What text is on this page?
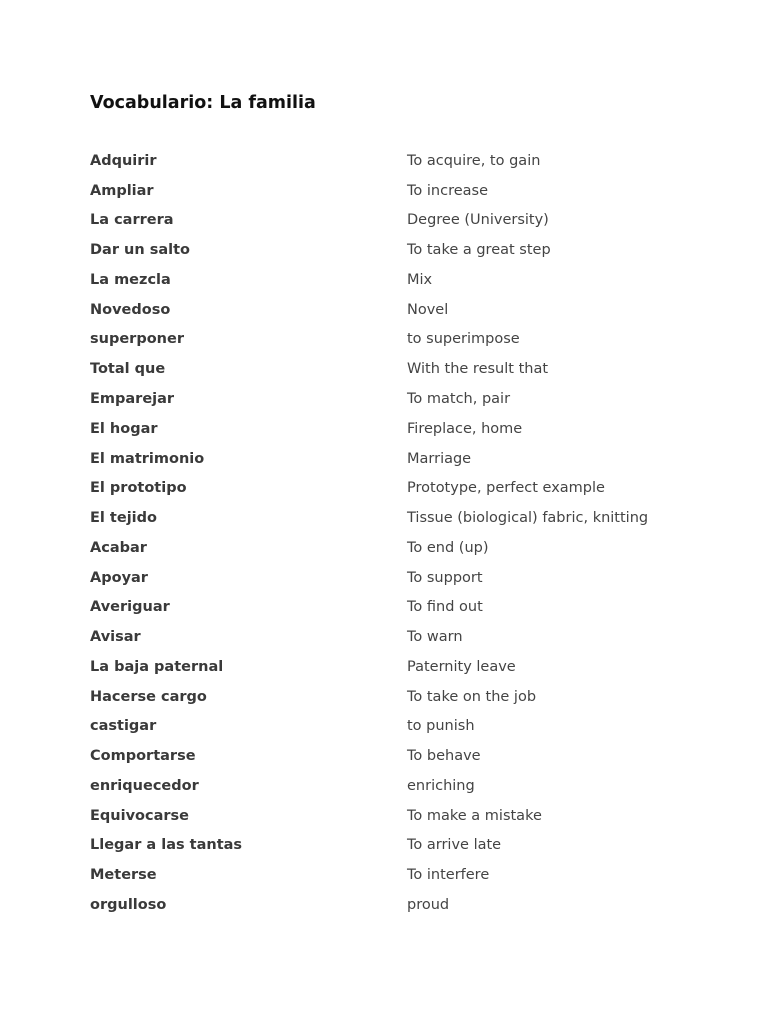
Vocabulario: La familia
Adquirir	To acquire, to gain
Ampliar	To increase
La carrera	Degree (University)
Dar un salto	To take a great step
La mezcla	Mix
Novedoso	Novel
superponer	to superimpose
Total que	With the result that
Emparejar	To match, pair
El hogar	Fireplace, home
El matrimonio	Marriage
El prototipo	Prototype, perfect example
El tejido	Tissue (biological) fabric, knitting
Acabar	To end (up)
Apoyar	To support
Averiguar	To find out
Avisar	To warn
La baja paternal	Paternity leave
Hacerse cargo	To take on the job
castigar	to punish
Comportarse	To behave
enriquecedor	enriching
Equivocarse	To make a mistake
Llegar a las tantas	To arrive late
Meterse	To interfere
orgulloso	proud
